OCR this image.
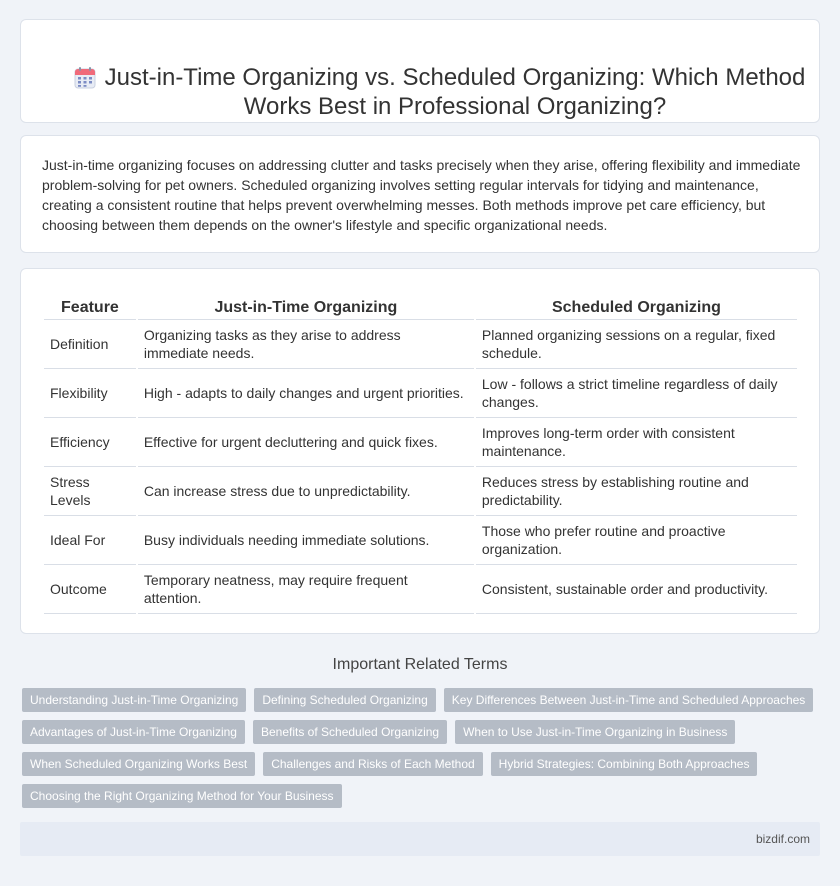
Just-in-Time Organizing vs. Scheduled Organizing: Which Method Works Best in Professional Organizing?

Just-in-time organizing focuses on addressing clutter and tasks precisely when they arise, offering flexibility and immediate problem-solving for pet owners. Scheduled organizing involves setting regular intervals for tidying and maintenance, creating a consistent routine that helps prevent overwhelming messes. Both methods improve pet care efficiency, but choosing between them depends on the owner's lifestyle and specific organizational needs.

Feature	Just-in-Time Organizing	Scheduled Organizing
Definition	Organizing tasks as they arise to address immediate needs.	Planned organizing sessions on a regular, fixed schedule.
Flexibility	High - adapts to daily changes and urgent priorities.	Low - follows a strict timeline regardless of daily changes.
Efficiency	Effective for urgent decluttering and quick fixes.	Improves long-term order with consistent maintenance.
Stress Levels	Can increase stress due to unpredictability.	Reduces stress by establishing routine and predictability.
Ideal For	Busy individuals needing immediate solutions.	Those who prefer routine and proactive organization.
Outcome	Temporary neatness, may require frequent attention.	Consistent, sustainable order and productivity.
Important Related Terms
Understanding Just-in-Time Organizing	Defining Scheduled Organizing	Key Differences Between Just-in-Time and Scheduled Approaches
Advantages of Just-in-Time Organizing	Benefits of Scheduled Organizing	When to Use Just-in-Time Organizing in Business
When Scheduled Organizing Works Best	Challenges and Risks of Each Method	Hybrid Strategies: Combining Both Approaches
Choosing the Right Organizing Method for Your Business
bizdif.com
